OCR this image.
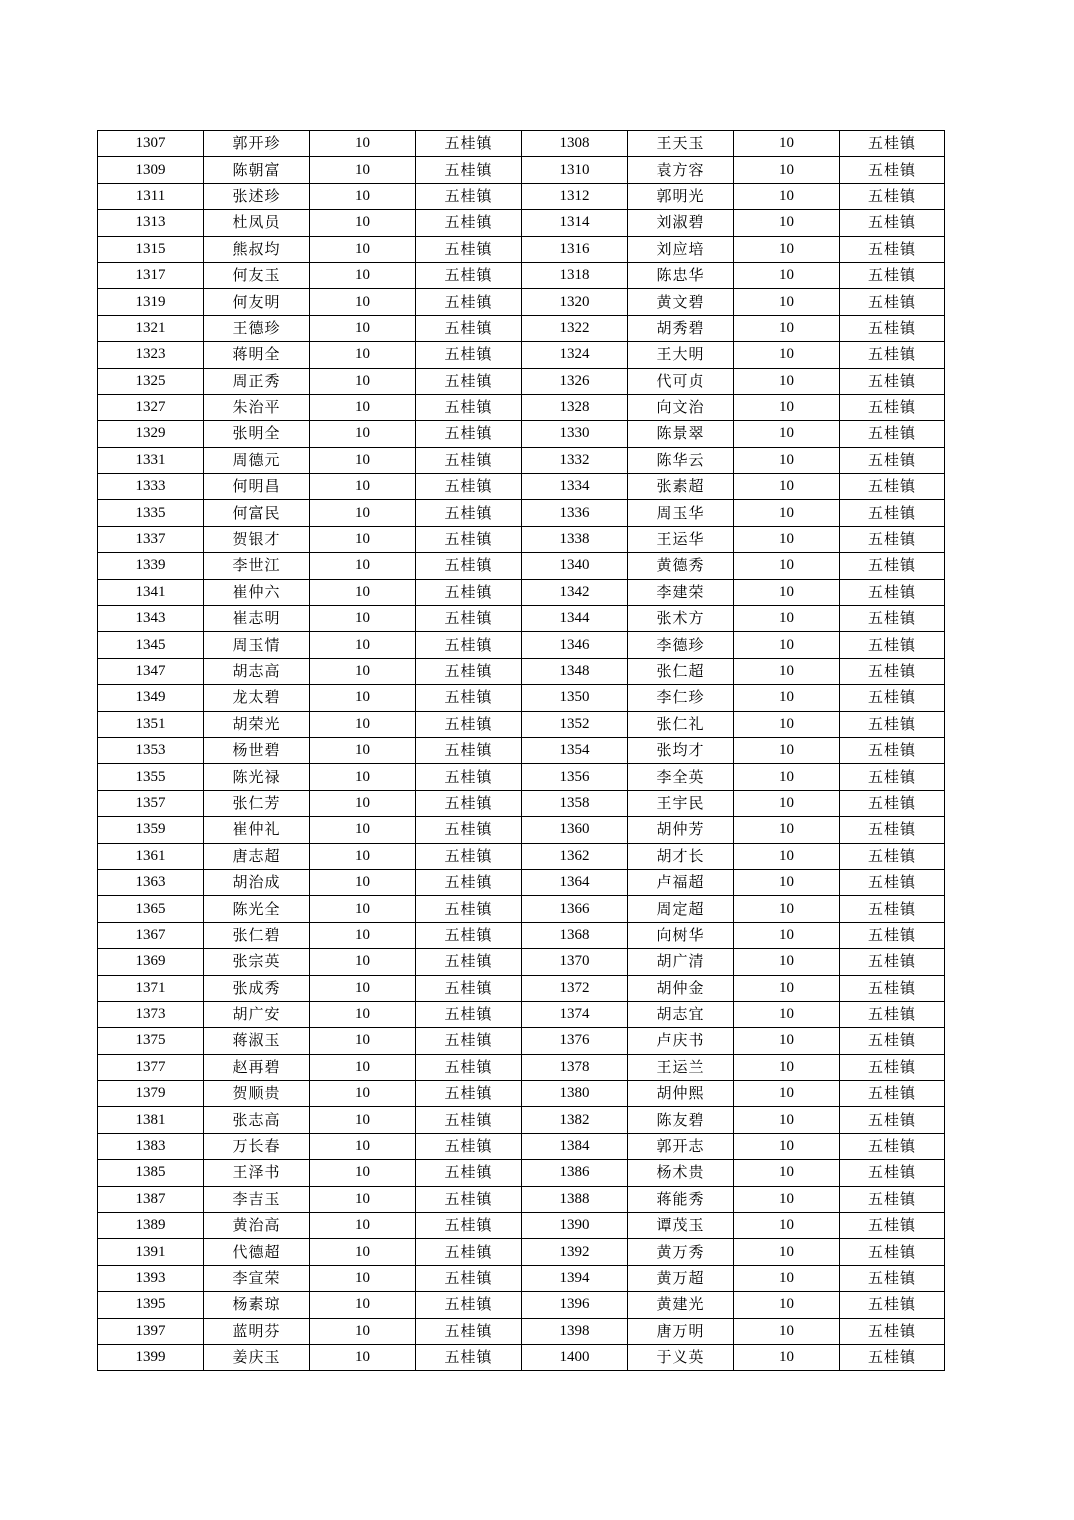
1307	郭开珍	10	五桂镇	1308	王天玉	10	五桂镇
1309	陈朝富	10	五桂镇	1310	袁方容	10	五桂镇
1311	张述珍	10	五桂镇	1312	郭明光	10	五桂镇
1313	杜凤员	10	五桂镇	1314	刘淑碧	10	五桂镇
1315	熊叔均	10	五桂镇	1316	刘应培	10	五桂镇
1317	何友玉	10	五桂镇	1318	陈忠华	10	五桂镇
1319	何友明	10	五桂镇	1320	黄文碧	10	五桂镇
1321	王德珍	10	五桂镇	1322	胡秀碧	10	五桂镇
1323	蒋明全	10	五桂镇	1324	王大明	10	五桂镇
1325	周正秀	10	五桂镇	1326	代可贞	10	五桂镇
1327	朱治平	10	五桂镇	1328	向文治	10	五桂镇
1329	张明全	10	五桂镇	1330	陈景翠	10	五桂镇
1331	周德元	10	五桂镇	1332	陈华云	10	五桂镇
1333	何明昌	10	五桂镇	1334	张素超	10	五桂镇
1335	何富民	10	五桂镇	1336	周玉华	10	五桂镇
1337	贺银才	10	五桂镇	1338	王运华	10	五桂镇
1339	李世江	10	五桂镇	1340	黄德秀	10	五桂镇
1341	崔仲六	10	五桂镇	1342	李建荣	10	五桂镇
1343	崔志明	10	五桂镇	1344	张术方	10	五桂镇
1345	周玉情	10	五桂镇	1346	李德珍	10	五桂镇
1347	胡志高	10	五桂镇	1348	张仁超	10	五桂镇
1349	龙太碧	10	五桂镇	1350	李仁珍	10	五桂镇
1351	胡荣光	10	五桂镇	1352	张仁礼	10	五桂镇
1353	杨世碧	10	五桂镇	1354	张均才	10	五桂镇
1355	陈光禄	10	五桂镇	1356	李全英	10	五桂镇
1357	张仁芳	10	五桂镇	1358	王宇民	10	五桂镇
1359	崔仲礼	10	五桂镇	1360	胡仲芳	10	五桂镇
1361	唐志超	10	五桂镇	1362	胡才长	10	五桂镇
1363	胡治成	10	五桂镇	1364	卢福超	10	五桂镇
1365	陈光全	10	五桂镇	1366	周定超	10	五桂镇
1367	张仁碧	10	五桂镇	1368	向树华	10	五桂镇
1369	张宗英	10	五桂镇	1370	胡广清	10	五桂镇
1371	张成秀	10	五桂镇	1372	胡仲金	10	五桂镇
1373	胡广安	10	五桂镇	1374	胡志宜	10	五桂镇
1375	蒋淑玉	10	五桂镇	1376	卢庆书	10	五桂镇
1377	赵再碧	10	五桂镇	1378	王运兰	10	五桂镇
1379	贺顺贵	10	五桂镇	1380	胡仲熙	10	五桂镇
1381	张志高	10	五桂镇	1382	陈友碧	10	五桂镇
1383	万长春	10	五桂镇	1384	郭开志	10	五桂镇
1385	王泽书	10	五桂镇	1386	杨术贵	10	五桂镇
1387	李吉玉	10	五桂镇	1388	蒋能秀	10	五桂镇
1389	黄治高	10	五桂镇	1390	谭茂玉	10	五桂镇
1391	代德超	10	五桂镇	1392	黄万秀	10	五桂镇
1393	李宣荣	10	五桂镇	1394	黄万超	10	五桂镇
1395	杨素琼	10	五桂镇	1396	黄建光	10	五桂镇
1397	蓝明芬	10	五桂镇	1398	唐万明	10	五桂镇
1399	姜庆玉	10	五桂镇	1400	于义英	10	五桂镇
